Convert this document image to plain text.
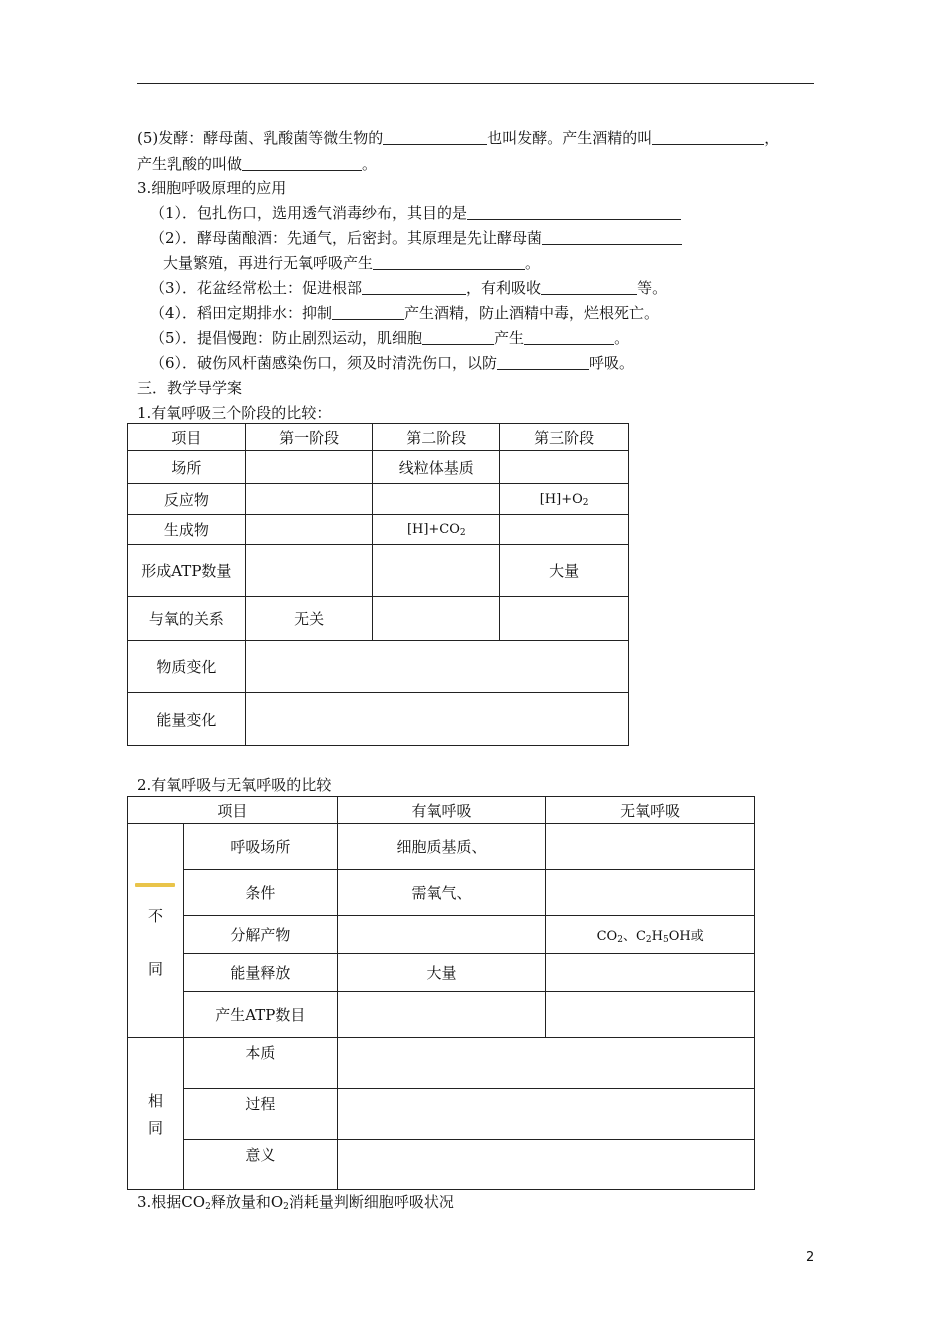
(5)发酵：酵母菌、乳酸菌等微生物的	也叫发酵。产生酒精的叫	，
产生乳酸的叫做	。
3.细胞呼吸原理的应用
（1）．包扎伤口，选用透气消毒纱布，其目的是
（2）．酵母菌酿酒：先通气，后密封。其原理是先让酵母菌
大量繁殖，再进行无氧呼吸产生	。
（3）．花盆经常松土：促进根部	，有利吸收	等。
（4）．稻田定期排水：抑制	产生酒精，防止酒精中毒，烂根死亡。
（5）．提倡慢跑：防止剧烈运动，肌细胞	产生	。
（6）．破伤风杆菌感染伤口，须及时清洗伤口，以防	呼吸。
三．教学导学案
1.有氧呼吸三个阶段的比较：
项目	第一阶段	第二阶段	第三阶段
场所		线粒体基质	
反应物			$[H]+O_2$
生成物		$[H]+CO_2$	
形成ATP数量			大量
与氧的关系	无关		
物质变化			
能量变化			
2.有氧呼吸与无氧呼吸的比较
项目		有氧呼吸	无氧呼吸

不
同	呼吸场所	细胞质基质、	
	条件	需氧气、	
	分解产物		$CO_2$、$C_2H_5OH$或
	能量释放	大量	
	产生ATP数目		

相
同	本质		
	过程		
	意义		
3.根据$CO_2$释放量和$O_2$消耗量判断细胞呼吸状况
2
